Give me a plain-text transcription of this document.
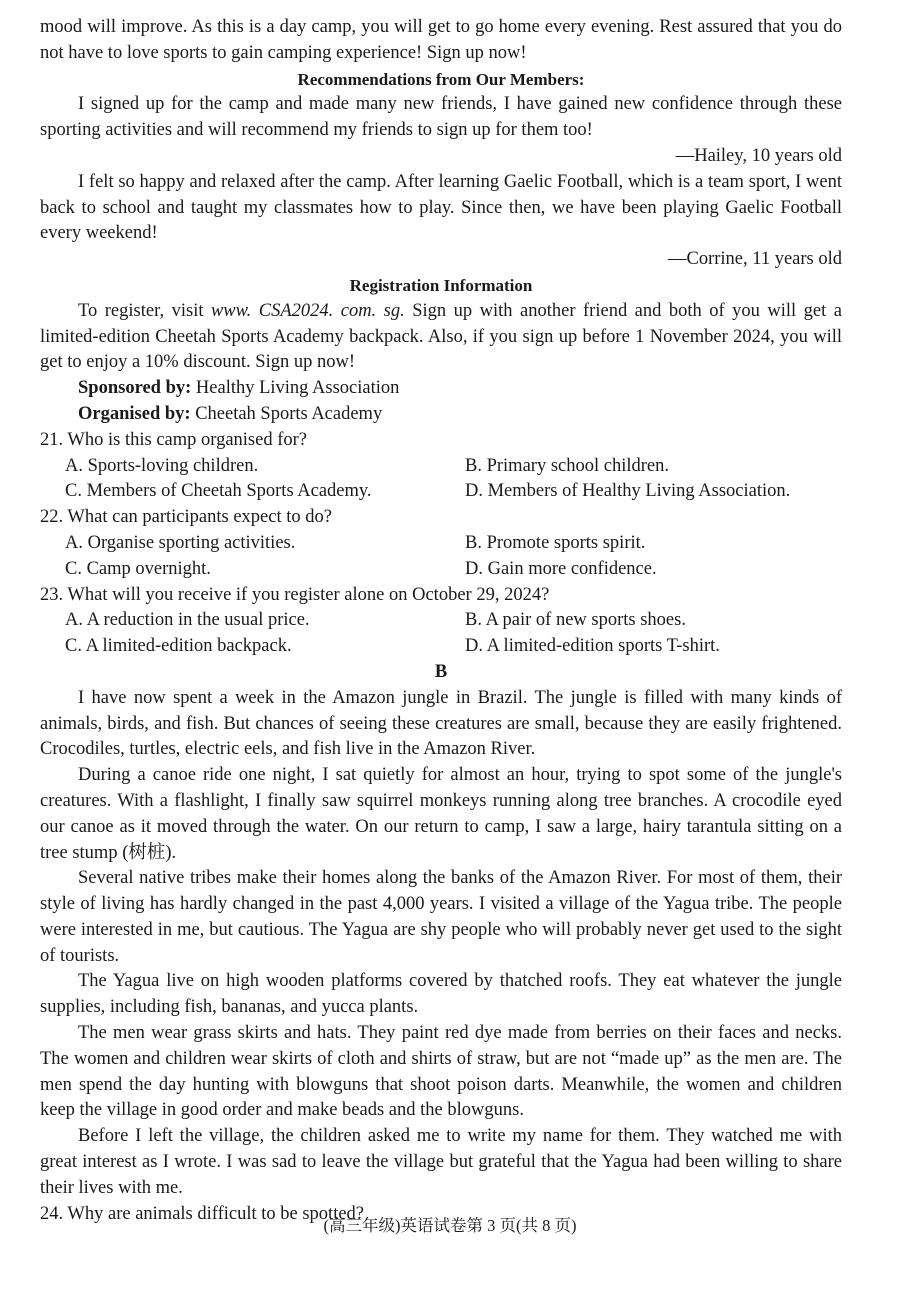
mood will improve. As this is a day camp, you will get to go home every evening. Rest assured that you do not have to love sports to gain camping experience! Sign up now!

Recommendations from Our Members:

I signed up for the camp and made many new friends, I have gained new confidence through these sporting activities and will recommend my friends to sign up for them too!

—Hailey, 10 years old

I felt so happy and relaxed after the camp. After learning Gaelic Football, which is a team sport, I went back to school and taught my classmates how to play. Since then, we have been playing Gaelic Football every weekend!

—Corrine, 11 years old

Registration Information

To register, visit www. CSA2024. com. sg. Sign up with another friend and both of you will get a limited-edition Cheetah Sports Academy backpack. Also, if you sign up before 1 November 2024, you will get to enjoy a 10% discount. Sign up now!

Sponsored by: Healthy Living Association

Organised by: Cheetah Sports Academy

21. Who is this camp organised for?

A. Sports-loving children.	B. Primary school children.

C. Members of Cheetah Sports Academy.	D. Members of Healthy Living Association.

22. What can participants expect to do?

A. Organise sporting activities.	B. Promote sports spirit.

C. Camp overnight.	D. Gain more confidence.

23. What will you receive if you register alone on October 29, 2024?

A. A reduction in the usual price.	B. A pair of new sports shoes.

C. A limited-edition backpack.	D. A limited-edition sports T-shirt.

B

I have now spent a week in the Amazon jungle in Brazil. The jungle is filled with many kinds of animals, birds, and fish. But chances of seeing these creatures are small, because they are easily frightened. Crocodiles, turtles, electric eels, and fish live in the Amazon River.

During a canoe ride one night, I sat quietly for almost an hour, trying to spot some of the jungle's creatures. With a flashlight, I finally saw squirrel monkeys running along tree branches. A crocodile eyed our canoe as it moved through the water. On our return to camp, I saw a large, hairy tarantula sitting on a tree stump (树桩).

Several native tribes make their homes along the banks of the Amazon River. For most of them, their style of living has hardly changed in the past 4,000 years. I visited a village of the Yagua tribe. The people were interested in me, but cautious. The Yagua are shy people who will probably never get used to the sight of tourists.

The Yagua live on high wooden platforms covered by thatched roofs. They eat whatever the jungle supplies, including fish, bananas, and yucca plants.

The men wear grass skirts and hats. They paint red dye made from berries on their faces and necks. The women and children wear skirts of cloth and shirts of straw, but are not “made up” as the men are. The men spend the day hunting with blowguns that shoot poison darts. Meanwhile, the women and children keep the village in good order and make beads and the blowguns.

Before I left the village, the children asked me to write my name for them. They watched me with great interest as I wrote. I was sad to leave the village but grateful that the Yagua had been willing to share their lives with me.

24. Why are animals difficult to be spotted?

(高三年级)英语试卷第 3 页(共 8 页)
